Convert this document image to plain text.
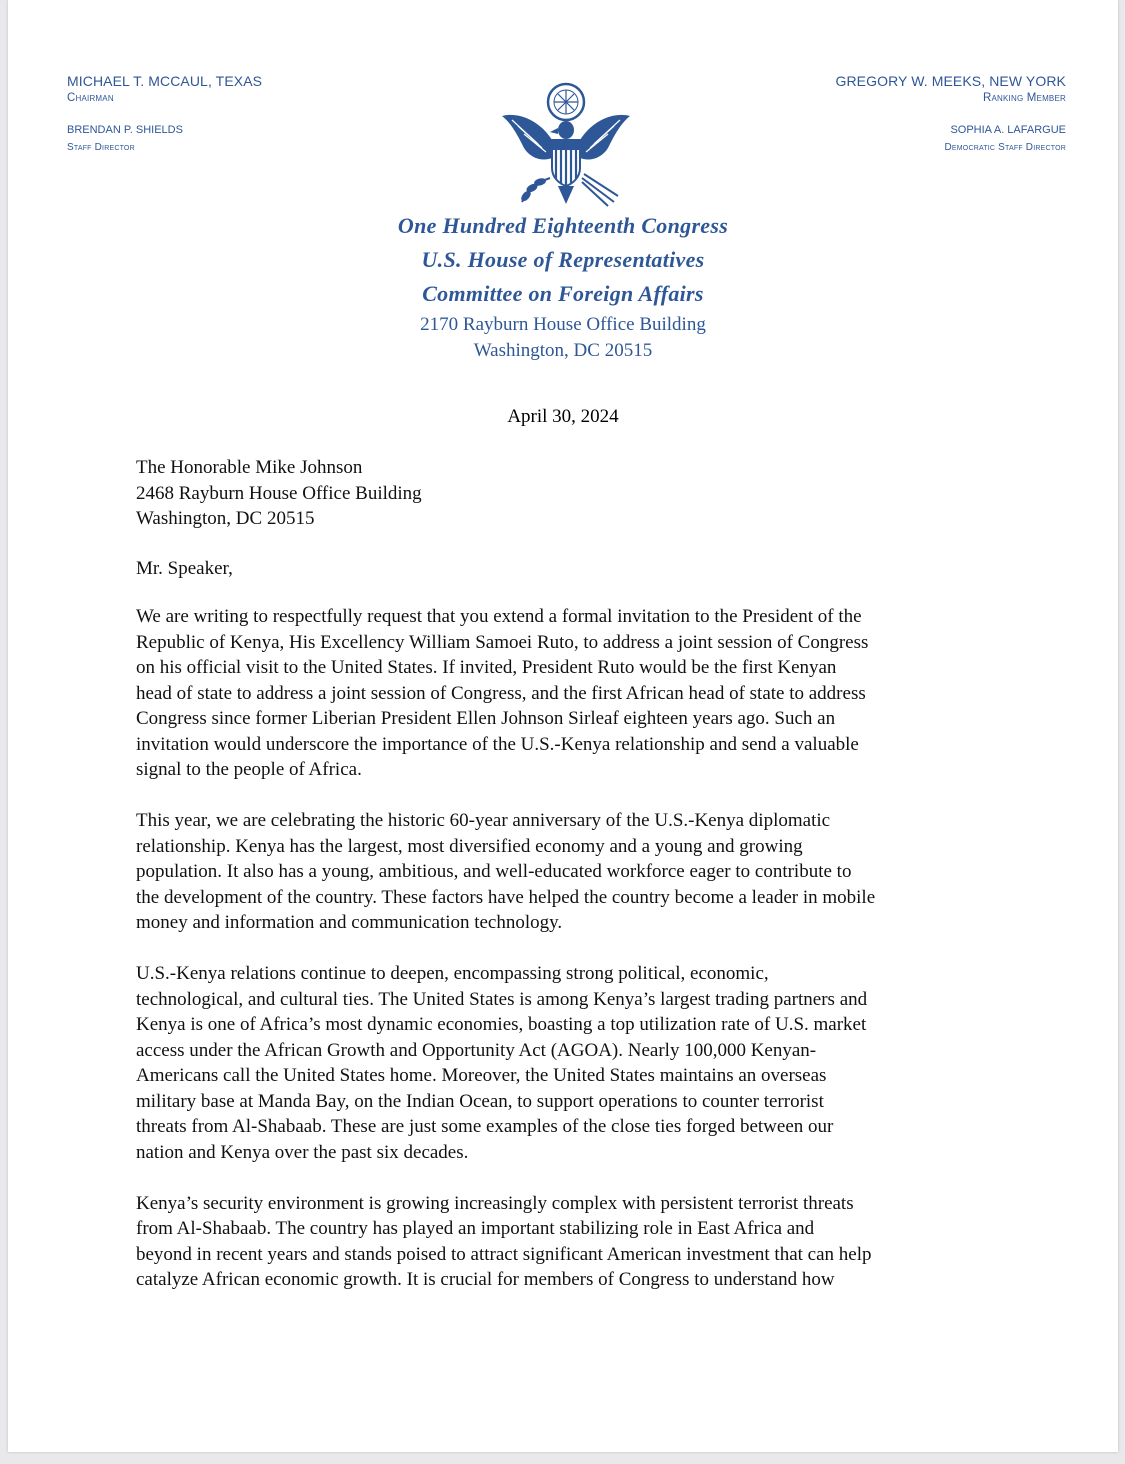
MICHAEL T. MCCAUL, TEXAS
Chairman
BRENDAN P. SHIELDS
Staff Director
GREGORY W. MEEKS, NEW YORK
Ranking Member
SOPHIA A. LAFARGUE
Democratic Staff Director
One Hundred Eighteenth Congress
U.S. House of Representatives
Committee on Foreign Affairs
2170 Rayburn House Office Building
Washington, DC 20515
April 30, 2024
The Honorable Mike Johnson
2468 Rayburn House Office Building
Washington, DC 20515
Mr. Speaker,

We are writing to respectfully request that you extend a formal invitation to the President of the
Republic of Kenya, His Excellency William Samoei Ruto, to address a joint session of Congress
on his official visit to the United States. If invited, President Ruto would be the first Kenyan
head of state to address a joint session of Congress, and the first African head of state to address
Congress since former Liberian President Ellen Johnson Sirleaf eighteen years ago. Such an
invitation would underscore the importance of the U.S.-Kenya relationship and send a valuable
signal to the people of Africa.

This year, we are celebrating the historic 60-year anniversary of the U.S.-Kenya diplomatic
relationship. Kenya has the largest, most diversified economy and a young and growing
population. It also has a young, ambitious, and well-educated workforce eager to contribute to
the development of the country. These factors have helped the country become a leader in mobile
money and information and communication technology.

U.S.-Kenya relations continue to deepen, encompassing strong political, economic,
technological, and cultural ties. The United States is among Kenya’s largest trading partners and
Kenya is one of Africa’s most dynamic economies, boasting a top utilization rate of U.S. market
access under the African Growth and Opportunity Act (AGOA). Nearly 100,000 Kenyan-
Americans call the United States home. Moreover, the United States maintains an overseas
military base at Manda Bay, on the Indian Ocean, to support operations to counter terrorist
threats from Al-Shabaab. These are just some examples of the close ties forged between our
nation and Kenya over the past six decades.

Kenya’s security environment is growing increasingly complex with persistent terrorist threats
from Al-Shabaab. The country has played an important stabilizing role in East Africa and
beyond in recent years and stands poised to attract significant American investment that can help
catalyze African economic growth. It is crucial for members of Congress to understand how
